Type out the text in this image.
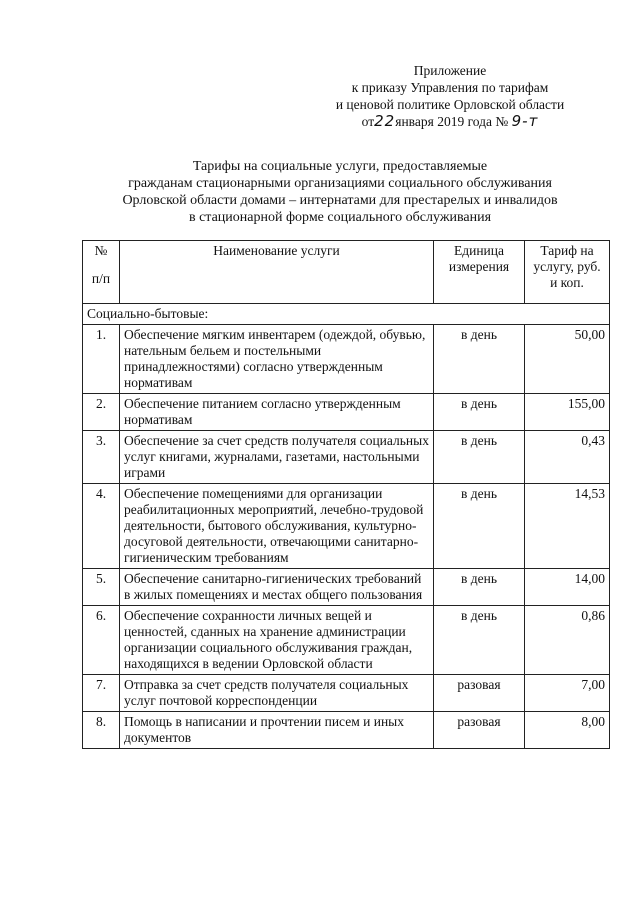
Приложение
к приказу Управления по тарифам
и ценовой политике Орловской области
от22января 2019 года № 9-т
Тарифы на социальные услуги, предоставляемые
гражданам стационарными организациями социального обслуживания
Орловской области домами – интернатами для престарелых и инвалидов
в стационарной форме социального обслуживания
№
п/п	Наименование услуги	Единица измерения	Тариф на услугу, руб. и коп.
Социально-бытовые:			
1.	Обеспечение мягким инвентарем (одеждой, обувью, нательным бельем и постельными принадлежностями) согласно утвержденным нормативам	в день	50,00
2.	Обеспечение питанием согласно утвержденным нормативам	в день	155,00
3.	Обеспечение за счет средств получателя социальных услуг книгами, журналами, газетами, настольными играми	в день	0,43
4.	Обеспечение помещениями для организации реабилитационных мероприятий, лечебно-трудовой деятельности, бытового обслуживания, культурно-досуговой деятельности, отвечающими санитарно-гигиеническим требованиям	в день	14,53
5.	Обеспечение санитарно-гигиенических требований в жилых помещениях и местах общего пользования	в день	14,00
6.	Обеспечение сохранности личных вещей и ценностей, сданных на хранение администрации организации социального обслуживания граждан, находящихся в ведении Орловской области	в день	0,86
7.	Отправка за счет средств получателя социальных услуг почтовой корреспонденции	разовая	7,00
8.	Помощь в написании и прочтении писем и иных документов	разовая	8,00
